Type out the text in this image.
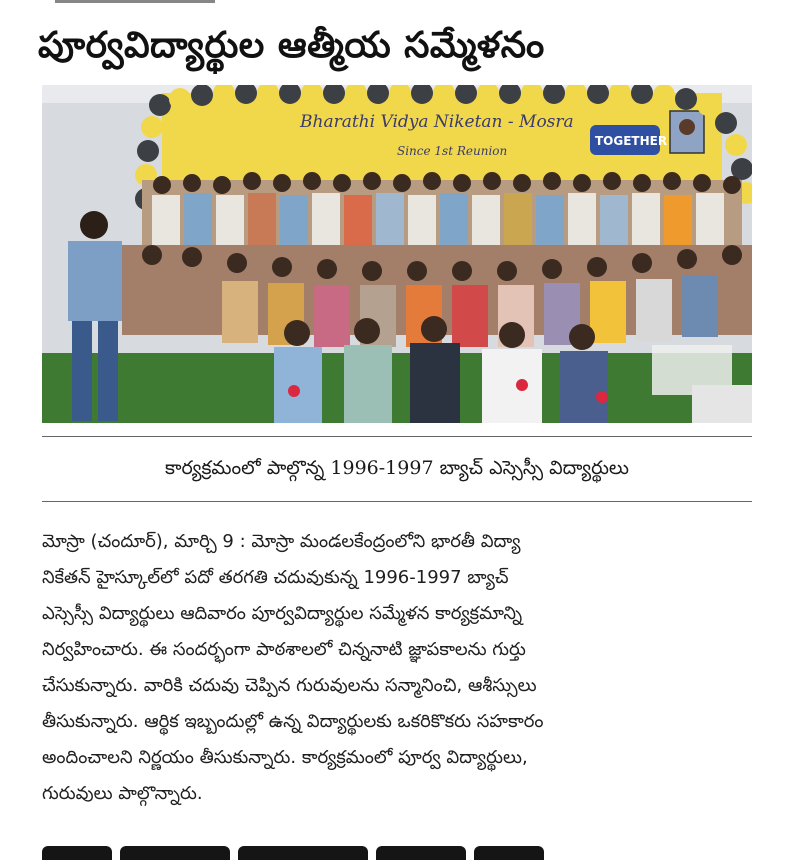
పూర్వవిద్యార్థుల ఆత్మీయ సమ్మేళనం
Bharathi Vidya Niketan - Mosra
Since 1st Reunion
TOGETHER
కార్యక్రమంలో పాల్గొన్న 1996-1997 బ్యాచ్ ఎస్సెస్సీ విద్యార్థులు
మోస్రా (చందూర్), మార్చి 9 : మోస్రా మండలకేంద్రంలోని భారతీ విద్యా
నికేతన్ హైస్కూల్‌లో పదో తరగతి చదువుకున్న 1996-1997 బ్యాచ్
ఎస్సెస్సీ విద్యార్థులు ఆదివారం పూర్వవిద్యార్థుల సమ్మేళన కార్యక్రమాన్ని
నిర్వహించారు. ఈ సందర్భంగా పాఠశాలలో చిన్ననాటి జ్ఞాపకాలను గుర్తు
చేసుకున్నారు. వారికి చదువు చెప్పిన గురువులను సన్మానించి, ఆశీస్సులు
తీసుకున్నారు. ఆర్థిక ఇబ్బందుల్లో ఉన్న విద్యార్థులకు ఒకరికొకరు సహకారం
అందించాలని నిర్ణయం తీసుకున్నారు. కార్యక్రమంలో పూర్వ విద్యార్థులు,
గురువులు పాల్గొన్నారు.
